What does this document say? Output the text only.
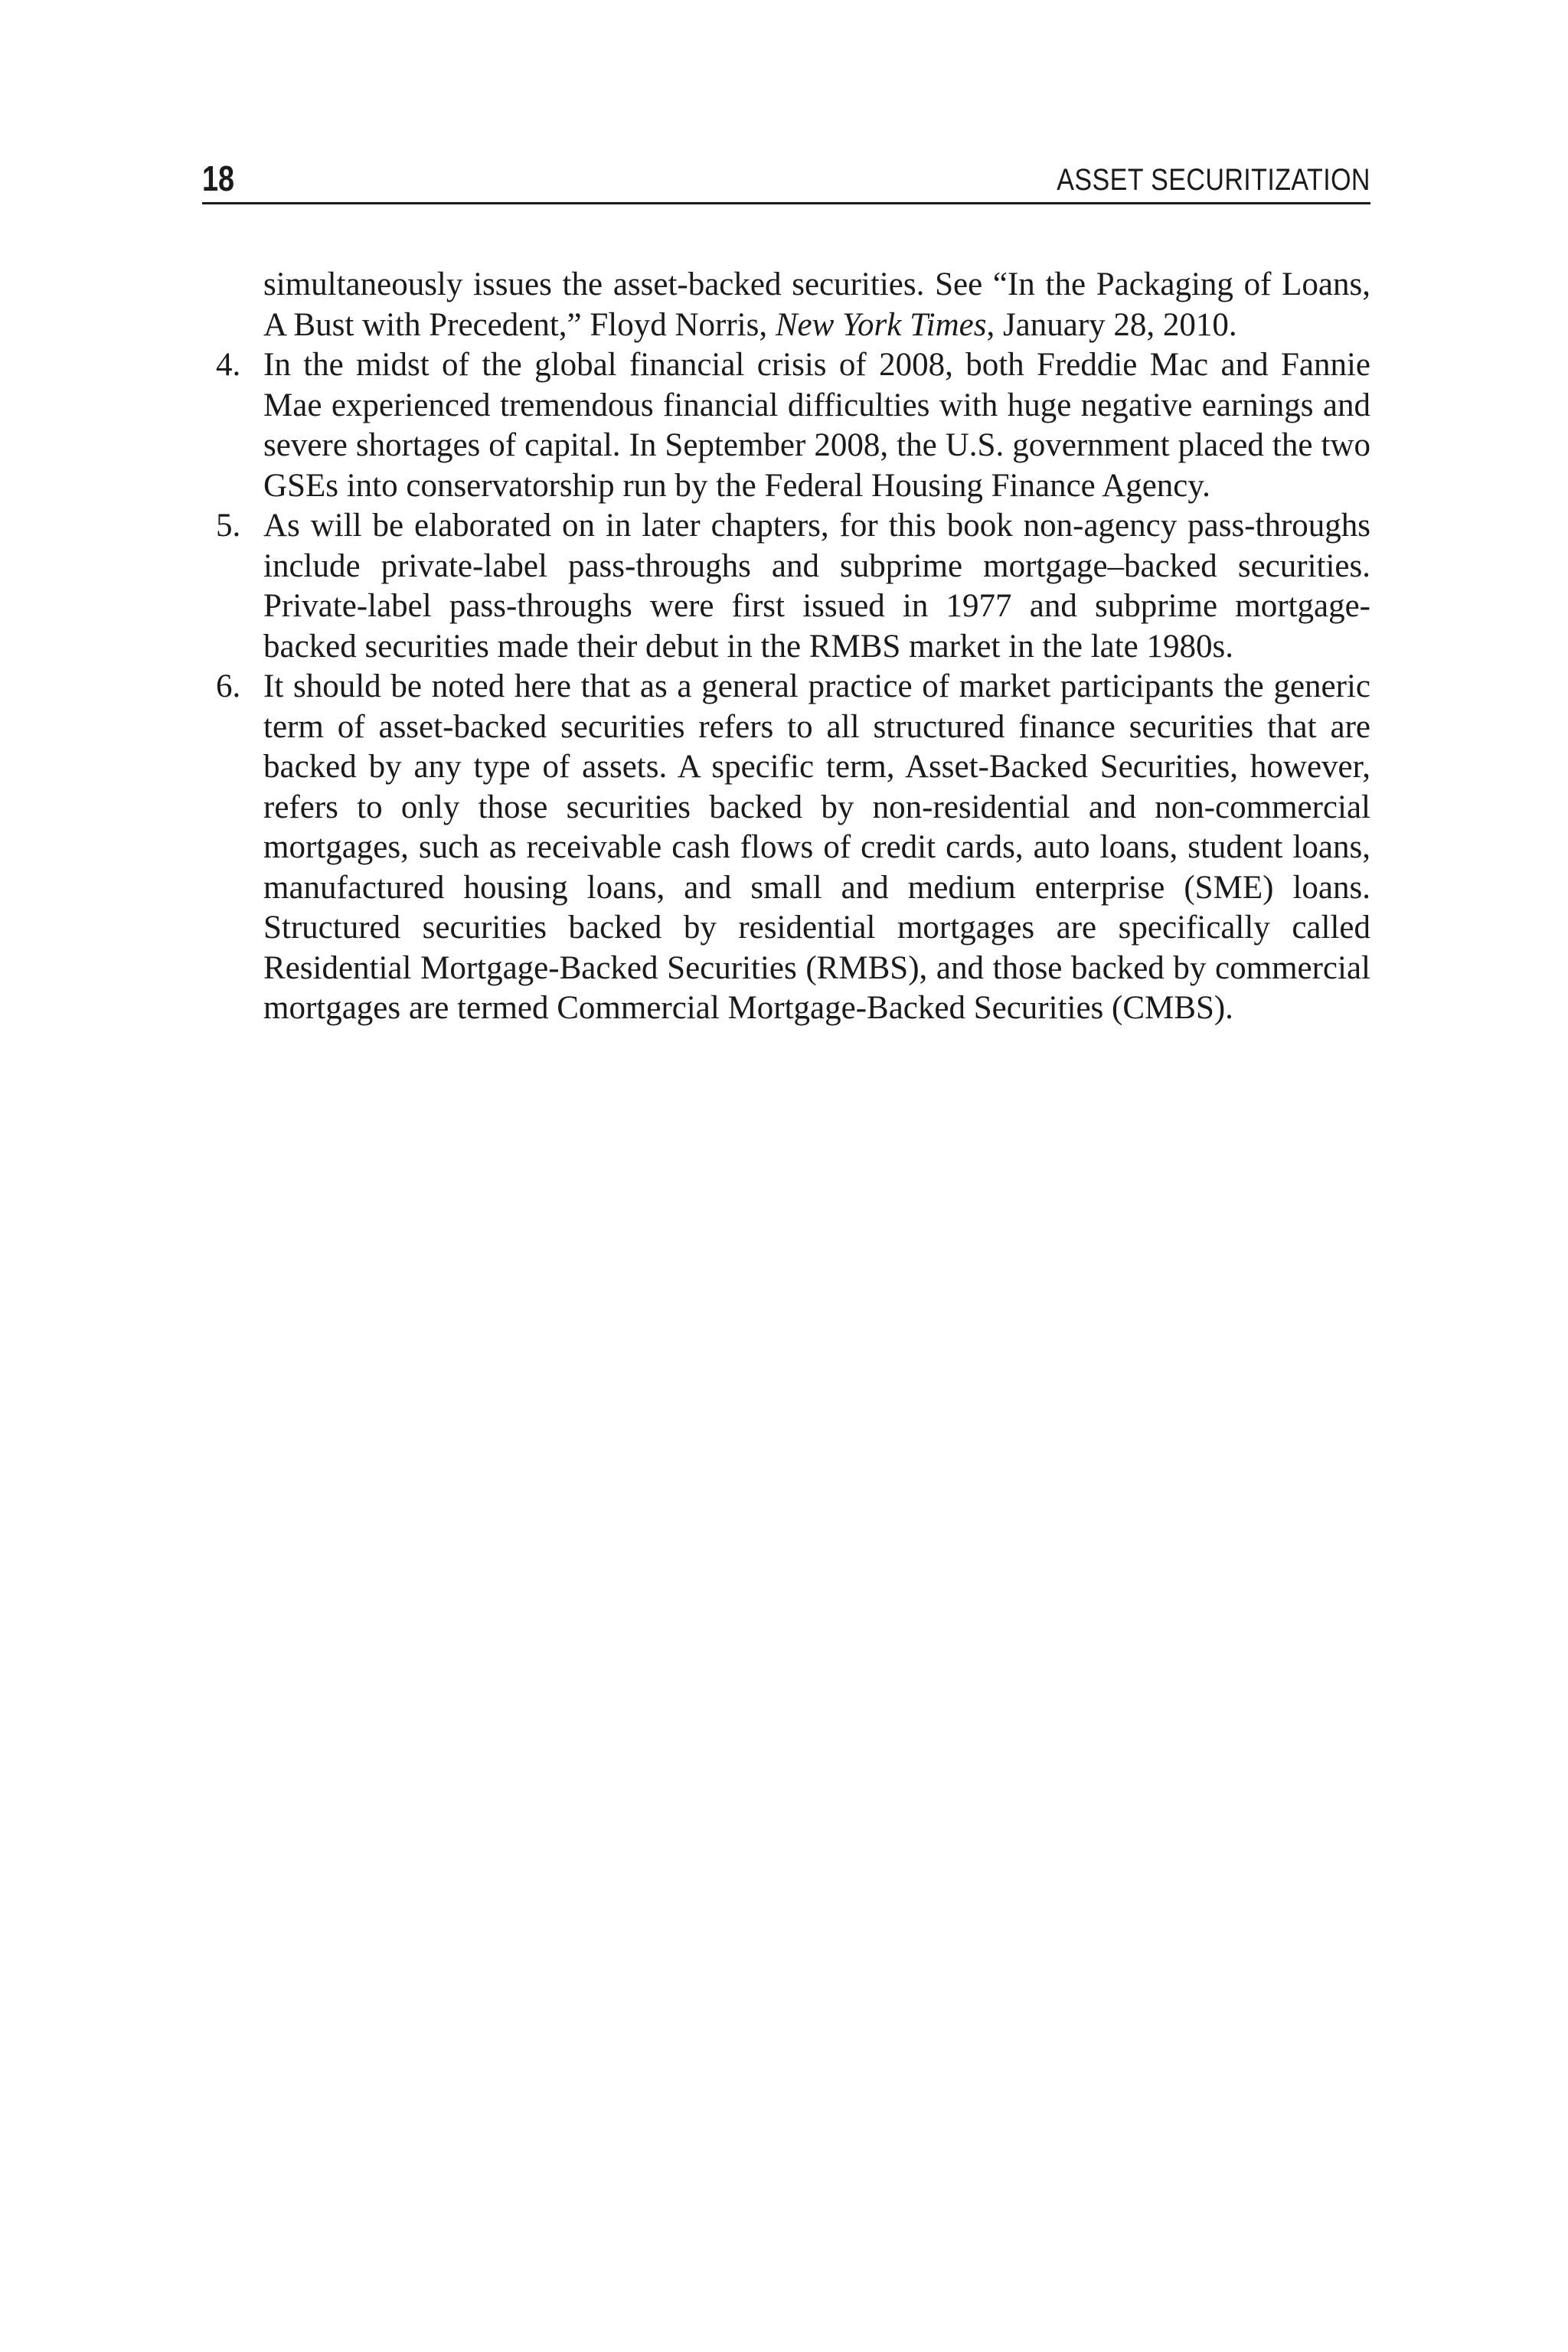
18	ASSET SECURITIZATION
simultaneously issues the asset-backed securities. See “In the Packaging of Loans, A Bust with Precedent,” Floyd Norris, New York Times, January 28, 2010.
4. In the midst of the global financial crisis of 2008, both Freddie Mac and Fannie Mae experienced tremendous financial difficulties with huge negative earnings and severe shortages of capital. In September 2008, the U.S. government placed the two GSEs into conservatorship run by the Federal Housing Finance Agency.
5. As will be elaborated on in later chapters, for this book non-agency pass-throughs include private-label pass-throughs and subprime mortgage–backed securities. Private-label pass-throughs were first issued in 1977 and subprime mortgage-backed securities made their debut in the RMBS market in the late 1980s.
6. It should be noted here that as a general practice of market participants the generic term of asset-backed securities refers to all structured finance securities that are backed by any type of assets. A specific term, Asset-Backed Securities, however, refers to only those securities backed by non-residential and non-commercial mortgages, such as receivable cash flows of credit cards, auto loans, student loans, manufactured housing loans, and small and medium enterprise (SME) loans. Structured securities backed by residential mortgages are specifically called Residential Mortgage-Backed Securities (RMBS), and those backed by commercial mortgages are termed Commercial Mortgage-Backed Securities (CMBS).
